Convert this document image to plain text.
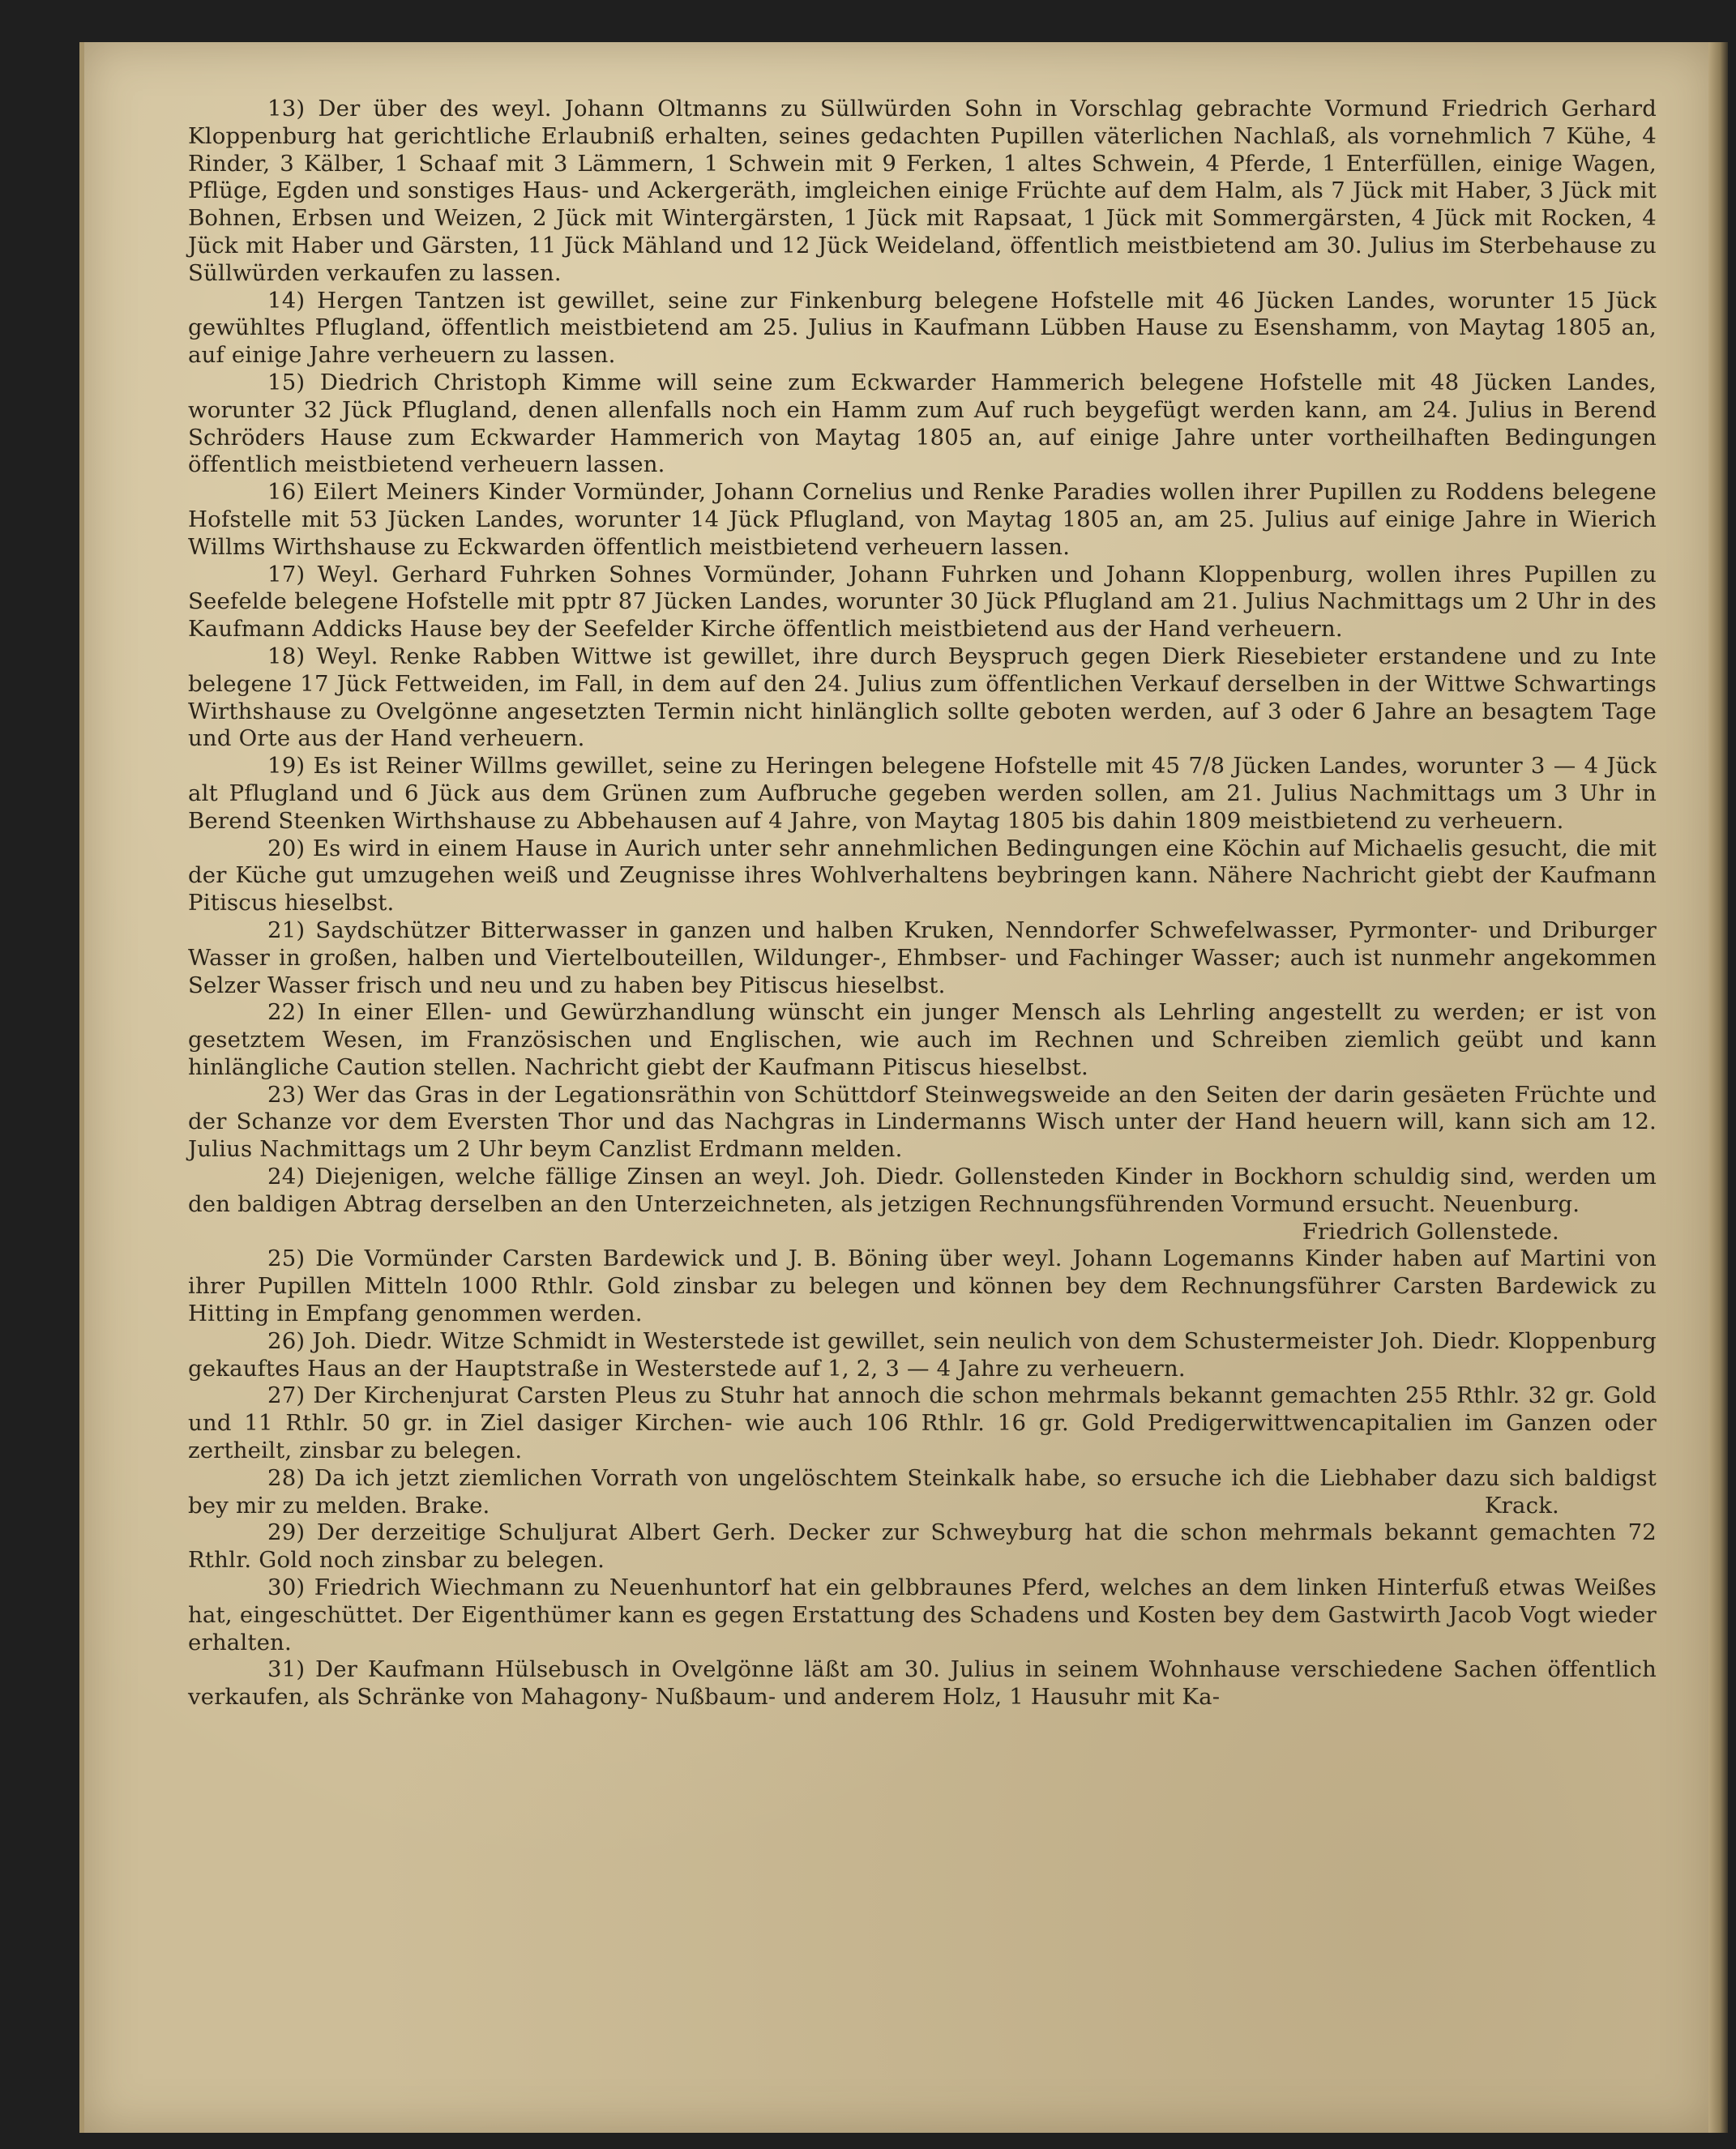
13) Der über des weyl. Johann Oltmanns zu Süllwürden Sohn in Vorschlag gebrachte Vormund Friedrich Gerhard Kloppenburg hat gerichtliche Erlaubniß erhalten, seines gedachten Pupillen väterlichen Nachlaß, als vornehmlich 7 Kühe, 4 Rinder, 3 Kälber, 1 Schaaf mit 3 Lämmern, 1 Schwein mit 9 Ferken, 1 altes Schwein, 4 Pferde, 1 Enterfüllen, einige Wagen, Pflüge, Egden und sonstiges Haus- und Ackergeräth, imgleichen einige Früchte auf dem Halm, als 7 Jück mit Haber, 3 Jück mit Bohnen, Erbsen und Weizen, 2 Jück mit Wintergärsten, 1 Jück mit Rapsaat, 1 Jück mit Sommergärsten, 4 Jück mit Rocken, 4 Jück mit Haber und Gärsten, 11 Jück Mähland und 12 Jück Weideland, öffentlich meistbietend am 30. Julius im Sterbehause zu Süllwürden verkaufen zu lassen.

14) Hergen Tantzen ist gewillet, seine zur Finkenburg belegene Hofstelle mit 46 Jücken Landes, worunter 15 Jück gewühltes Pflugland, öffentlich meistbietend am 25. Julius in Kaufmann Lübben Hause zu Esenshamm, von Maytag 1805 an, auf einige Jahre verheuern zu lassen.

15) Diedrich Christoph Kimme will seine zum Eckwarder Hammerich belegene Hofstelle mit 48 Jücken Landes, worunter 32 Jück Pflugland, denen allenfalls noch ein Hamm zum Auf ruch beygefügt werden kann, am 24. Julius in Berend Schröders Hause zum Eckwarder Hammerich von Maytag 1805 an, auf einige Jahre unter vortheilhaften Bedingungen öffentlich meistbietend verheuern lassen.

16) Eilert Meiners Kinder Vormünder, Johann Cornelius und Renke Paradies wollen ihrer Pupillen zu Roddens belegene Hofstelle mit 53 Jücken Landes, worunter 14 Jück Pflugland, von Maytag 1805 an, am 25. Julius auf einige Jahre in Wierich Willms Wirthshause zu Eckwarden öffentlich meistbietend verheuern lassen.

17) Weyl. Gerhard Fuhrken Sohnes Vormünder, Johann Fuhrken und Johann Kloppenburg, wollen ihres Pupillen zu Seefelde belegene Hofstelle mit pptr 87 Jücken Landes, worunter 30 Jück Pflugland am 21. Julius Nachmittags um 2 Uhr in des Kaufmann Addicks Hause bey der Seefelder Kirche öffentlich meistbietend aus der Hand verheuern.

18) Weyl. Renke Rabben Wittwe ist gewillet, ihre durch Beyspruch gegen Dierk Riesebieter erstandene und zu Inte belegene 17 Jück Fettweiden, im Fall, in dem auf den 24. Julius zum öffentlichen Verkauf derselben in der Wittwe Schwartings Wirthshause zu Ovelgönne angesetzten Termin nicht hinlänglich sollte geboten werden, auf 3 oder 6 Jahre an besagtem Tage und Orte aus der Hand verheuern.

19) Es ist Reiner Willms gewillet, seine zu Heringen belegene Hofstelle mit 45 7/8 Jücken Landes, worunter 3 — 4 Jück alt Pflugland und 6 Jück aus dem Grünen zum Aufbruche gegeben werden sollen, am 21. Julius Nachmittags um 3 Uhr in Berend Steenken Wirthshause zu Abbehausen auf 4 Jahre, von Maytag 1805 bis dahin 1809 meistbietend zu verheuern.

20) Es wird in einem Hause in Aurich unter sehr annehmlichen Bedingungen eine Köchin auf Michaelis gesucht, die mit der Küche gut umzugehen weiß und Zeugnisse ihres Wohlverhaltens beybringen kann. Nähere Nachricht giebt der Kaufmann Pitiscus hieselbst.

21) Saydschützer Bitterwasser in ganzen und halben Kruken, Nenndorfer Schwefelwasser, Pyrmonter- und Driburger Wasser in großen, halben und Viertelbouteillen, Wildunger-, Ehmbser- und Fachinger Wasser; auch ist nunmehr angekommen Selzer Wasser frisch und neu und zu haben bey Pitiscus hieselbst.

22) In einer Ellen- und Gewürzhandlung wünscht ein junger Mensch als Lehrling angestellt zu werden; er ist von gesetztem Wesen, im Französischen und Englischen, wie auch im Rechnen und Schreiben ziemlich geübt und kann hinlängliche Caution stellen. Nachricht giebt der Kaufmann Pitiscus hieselbst.

23) Wer das Gras in der Legationsräthin von Schüttdorf Steinwegsweide an den Seiten der darin gesäeten Früchte und der Schanze vor dem Eversten Thor und das Nachgras in Lindermanns Wisch unter der Hand heuern will, kann sich am 12. Julius Nachmittags um 2 Uhr beym Canzlist Erdmann melden.

24) Diejenigen, welche fällige Zinsen an weyl. Joh. Diedr. Gollensteden Kinder in Bockhorn schuldig sind, werden um den baldigen Abtrag derselben an den Unterzeichneten, als jetzigen Rechnungsführenden Vormund ersucht. Neuenburg.
Friedrich Gollenstede.

25) Die Vormünder Carsten Bardewick und J. B. Böning über weyl. Johann Logemanns Kinder haben auf Martini von ihrer Pupillen Mitteln 1000 Rthlr. Gold zinsbar zu belegen und können bey dem Rechnungsführer Carsten Bardewick zu Hitting in Empfang genommen werden.

26) Joh. Diedr. Witze Schmidt in Westerstede ist gewillet, sein neulich von dem Schustermeister Joh. Diedr. Kloppenburg gekauftes Haus an der Hauptstraße in Westerstede auf 1, 2, 3 — 4 Jahre zu verheuern.

27) Der Kirchenjurat Carsten Pleus zu Stuhr hat annoch die schon mehrmals bekannt gemachten 255 Rthlr. 32 gr. Gold und 11 Rthlr. 50 gr. in Ziel dasiger Kirchen- wie auch 106 Rthlr. 16 gr. Gold Predigerwittwencapitalien im Ganzen oder zertheilt, zinsbar zu belegen.

28) Da ich jetzt ziemlichen Vorrath von ungelöschtem Steinkalk habe, so ersuche ich die Liebhaber dazu sich baldigst bey mir zu melden. Brake.	Krack.

29) Der derzeitige Schuljurat Albert Gerh. Decker zur Schweyburg hat die schon mehrmals bekannt gemachten 72 Rthlr. Gold noch zinsbar zu belegen.

30) Friedrich Wiechmann zu Neuenhuntorf hat ein gelbbraunes Pferd, welches an dem linken Hinterfuß etwas Weißes hat, eingeschüttet. Der Eigenthümer kann es gegen Erstattung des Schadens und Kosten bey dem Gastwirth Jacob Vogt wieder erhalten.

31) Der Kaufmann Hülsebusch in Ovelgönne läßt am 30. Julius in seinem Wohnhause verschiedene Sachen öffentlich verkaufen, als Schränke von Mahagony- Nußbaum- und anderem Holz, 1 Hausuhr mit Ka-
